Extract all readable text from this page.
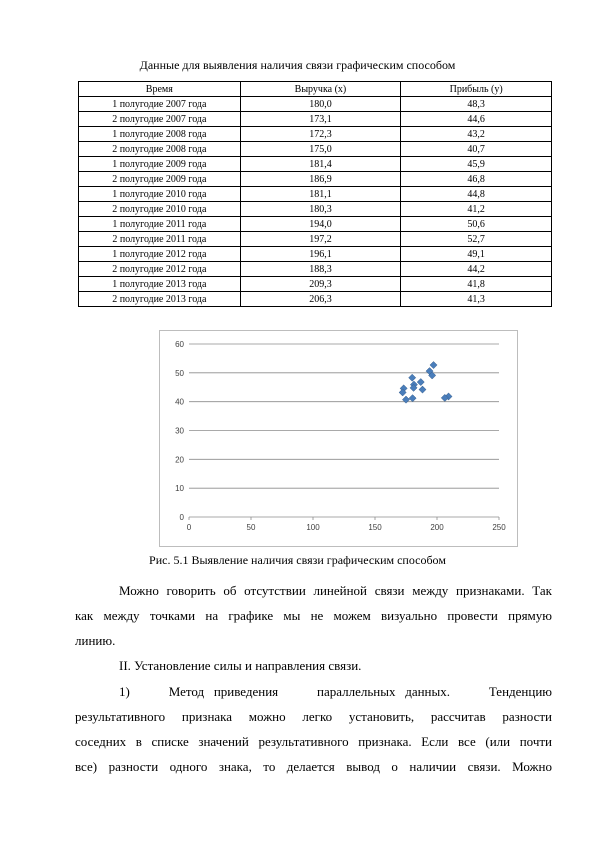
Данные для выявления наличия связи графическим способом
Время	Выручка (x)	Прибыль (y)
1 полугодие 2007 года	180,0	48,3
2 полугодие 2007 года	173,1	44,6
1 полугодие 2008 года	172,3	43,2
2 полугодие 2008 года	175,0	40,7
1 полугодие 2009 года	181,4	45,9
2 полугодие 2009 года	186,9	46,8
1 полугодие 2010 года	181,1	44,8
2 полугодие 2010 года	180,3	41,2
1 полугодие 2011 года	194,0	50,6
2 полугодие 2011 года	197,2	52,7
1 полугодие 2012 года	196,1	49,1
2 полугодие 2012 года	188,3	44,2
1 полугодие 2013 года	209,3	41,8
2 полугодие 2013 года	206,3	41,3
0
10
20
30
40
50
60
0	50	100	150	200	250
Рис. 5.1 Выявление наличия связи графическим способом
Можно говорить об отсутствии линейной связи между признаками. Так
как между точками на графике мы не можем визуально провести прямую
линию.
II. Установление силы и направления связи.
1)    Метод приведения    параллельных данных.    Тенденцию
результативного признака можно легко установить, рассчитав разности
соседних в списке значений результативного признака. Если все (или почти
все) разности одного знака, то делается вывод о наличии связи. Можно
